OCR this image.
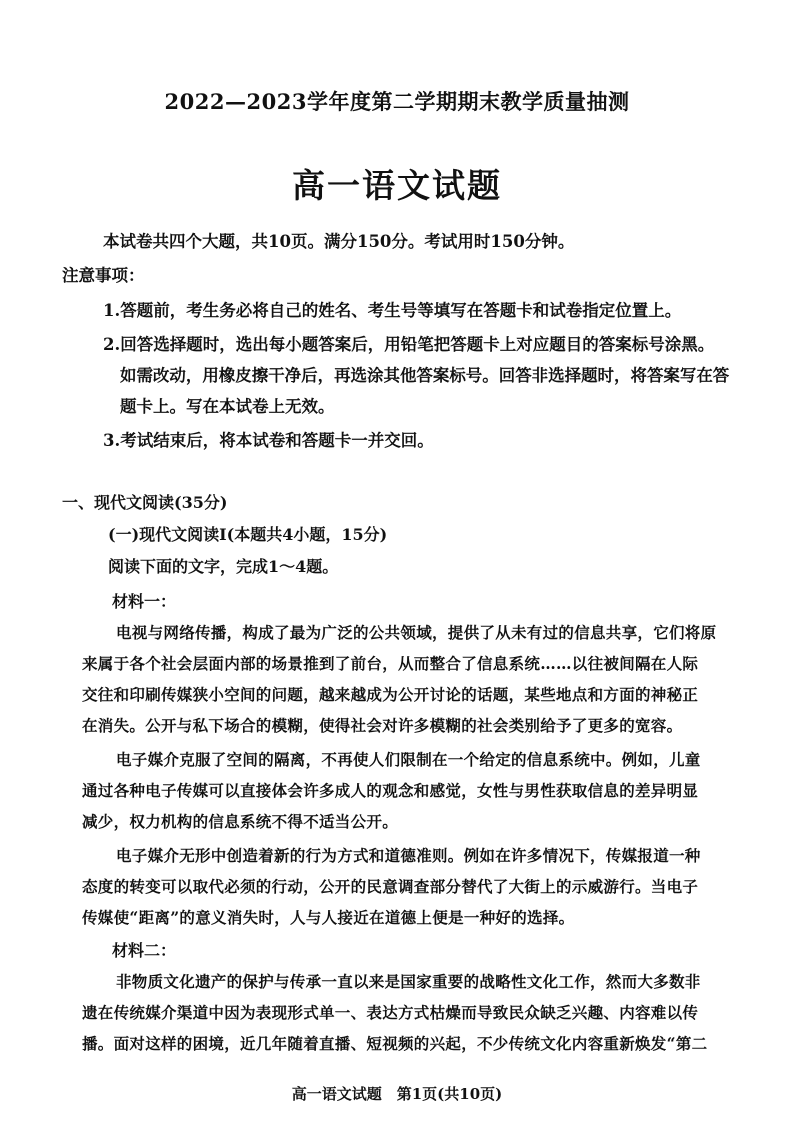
2022—2023学年度第二学期期末教学质量抽测
高一语文试题
本试卷共四个大题，共10页。满分150分。考试用时150分钟。
注意事项：
1.答题前，考生务必将自己的姓名、考生号等填写在答题卡和试卷指定位置上。
2.回答选择题时，选出每小题答案后，用铅笔把答题卡上对应题目的答案标号涂黑。
如需改动，用橡皮擦干净后，再选涂其他答案标号。回答非选择题时，将答案写在答
题卡上。写在本试卷上无效。
3.考试结束后，将本试卷和答题卡一并交回。
一、现代文阅读(35分)
(一)现代文阅读Ⅰ(本题共4小题，15分)
阅读下面的文字，完成1～4题。
材料一：
电视与网络传播，构成了最为广泛的公共领域，提供了从未有过的信息共享，它们将原
来属于各个社会层面内部的场景推到了前台，从而整合了信息系统……以往被间隔在人际
交往和印刷传媒狭小空间的问题，越来越成为公开讨论的话题，某些地点和方面的神秘正
在消失。公开与私下场合的模糊，使得社会对许多模糊的社会类别给予了更多的宽容。
电子媒介克服了空间的隔离，不再使人们限制在一个给定的信息系统中。例如，儿童
通过各种电子传媒可以直接体会许多成人的观念和感觉，女性与男性获取信息的差异明显
减少，权力机构的信息系统不得不适当公开。
电子媒介无形中创造着新的行为方式和道德准则。例如在许多情况下，传媒报道一种
态度的转变可以取代必须的行动，公开的民意调查部分替代了大街上的示威游行。当电子
传媒使“距离”的意义消失时，人与人接近在道德上便是一种好的选择。
材料二：
非物质文化遗产的保护与传承一直以来是国家重要的战略性文化工作，然而大多数非
遗在传统媒介渠道中因为表现形式单一、表达方式枯燥而导致民众缺乏兴趣、内容难以传
播。面对这样的困境，近几年随着直播、短视频的兴起，不少传统文化内容重新焕发“第二
高一语文试题　第1页(共10页)
